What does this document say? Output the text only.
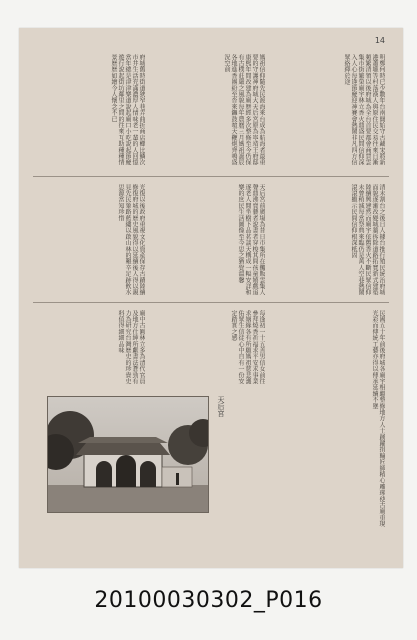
14
府城舊時街道狹窄巷弄曲折商店櫛比鱗次市井生活充滿濃厚人情味老一輩的人回憶當年總是津津樂道說起廟口小吃說起節慶遊行說起街坊鄰里之間的往來互助種種情景歷歷如繪令人懷念不已	媽祖信仰隨先民渡海來台成為航海者最重要的守護神府城大天后宮原為寧靖王府邸康熙年間改建為廟歷經多次整修至今仍保有古樸莊嚴之風貌每年農曆三月媽祖誕辰各地進香團紛至沓來鑼鼓喧天鞭炮齊鳴盛況空前	明鄭何時已少數年台南開始守古藏宋將新港蕭壠等村落漢人與原住民交易往來日漸頻繁清領以後府城為全台首要都會商賈雲集市街繁榮廟宇林立香火鼎盛民間信仰深入人心每逢節慶迎神賽會熱鬧非凡四方信眾絡繹於途
光復以後政府重視文化資產保存古蹟陸續修復府城的歷史風貌得以延續後人得以親見先民篳路藍縷以啟山林的艱辛足跡飲水思源當知珍惜	天后宮前廣場為昔日市集所在攤販雲集人聲鼎沸賣藝者說書者穿梭其間孩童嬉戲追逐老人閒坐樹下品茗談天構成一幅安詳和樂的庶民生活圖像至今思之猶覺溫馨	清末割台之後日人據台推行殖民統治府城面貌逐漸改變城牆拆除道路拓寬新式建築陸續興建然而廟宇依舊香火不斷民眾信仰未曾稍減每當祭典來臨仍是萬人空巷熱鬧滾滾顯示民間信仰根深柢固
廟中古匾林立多為清代官員及地方仕紳所獻書法蒼勁有力為研究台灣歷史的珍貴史料值得細細品味	每逢初一十五善男信女前往參拜燒香祈福求平安求事業求姻緣各有所願媽祖慈悲護佑眾生信徒心中自有一份安定踏實之感	民國五十年前後府城各廟宇相繼整修地方人士踴躍捐輸匠師精心雕琢使古廟重現光彩而傳統工藝亦得以傳承延續不墜
天后宮
20100030302_P016
